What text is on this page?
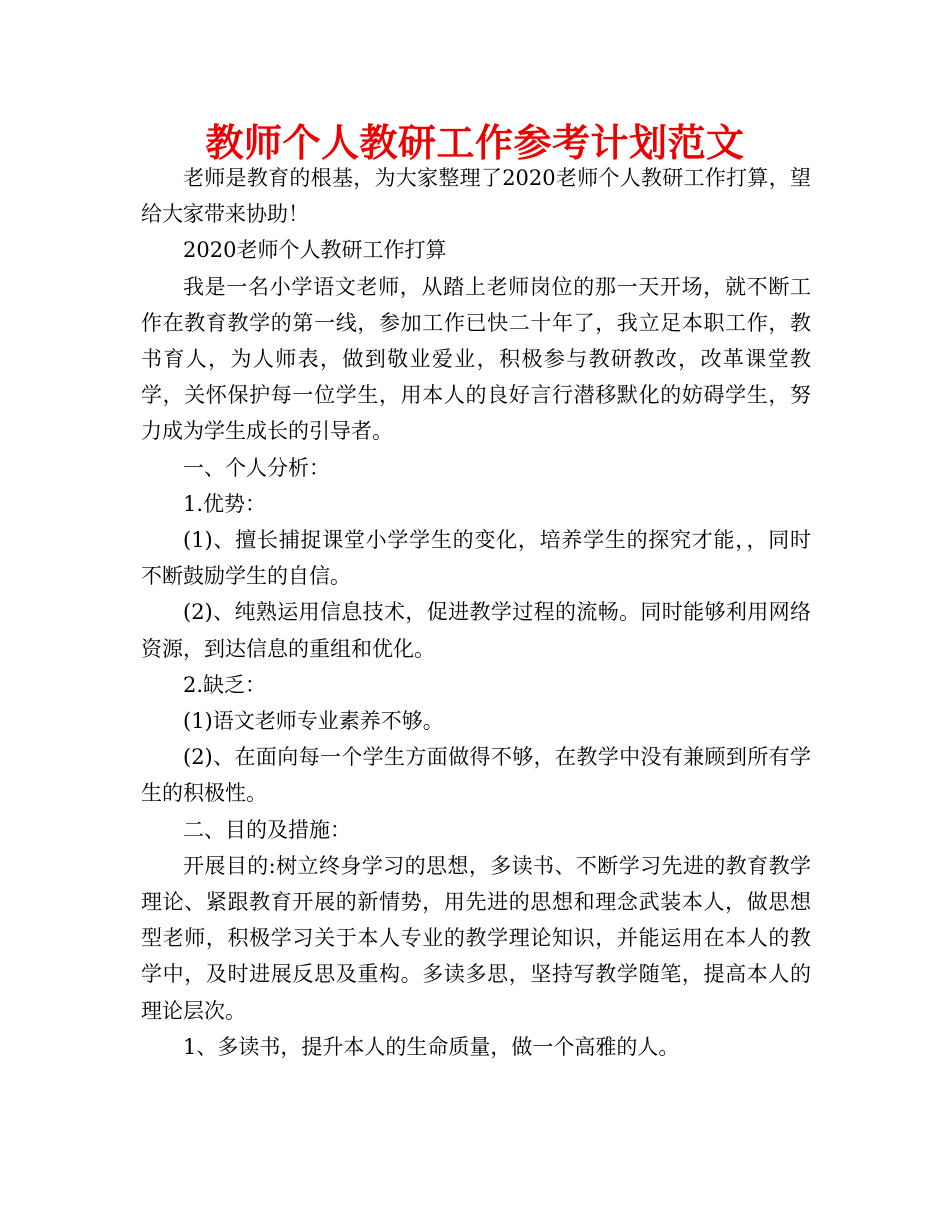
教师个人教研工作参考计划范文

老师是教育的根基，为大家整理了2020老师个人教研工作打算，望给大家带来协助！

2020老师个人教研工作打算

我是一名小学语文老师，从踏上老师岗位的那一天开场，就不断工作在教育教学的第一线，参加工作已快二十年了，我立足本职工作，教书育人，为人师表，做到敬业爱业，积极参与教研教改，改革课堂教学，关怀保护每一位学生，用本人的良好言行潜移默化的妨碍学生，努力成为学生成长的引导者。

一、个人分析：

1.优势：

(1)、擅长捕捉课堂小学学生的变化，培养学生的探究才能，，同时不断鼓励学生的自信。

(2)、纯熟运用信息技术，促进教学过程的流畅。同时能够利用网络资源，到达信息的重组和优化。

2.缺乏：

(1)语文老师专业素养不够。

(2)、在面向每一个学生方面做得不够，在教学中没有兼顾到所有学生的积极性。

二、目的及措施：

开展目的:树立终身学习的思想，多读书、不断学习先进的教育教学理论、紧跟教育开展的新情势，用先进的思想和理念武装本人，做思想型老师，积极学习关于本人专业的教学理论知识，并能运用在本人的教学中，及时进展反思及重构。多读多思，坚持写教学随笔，提高本人的理论层次。

1、多读书，提升本人的生命质量，做一个高雅的人。
